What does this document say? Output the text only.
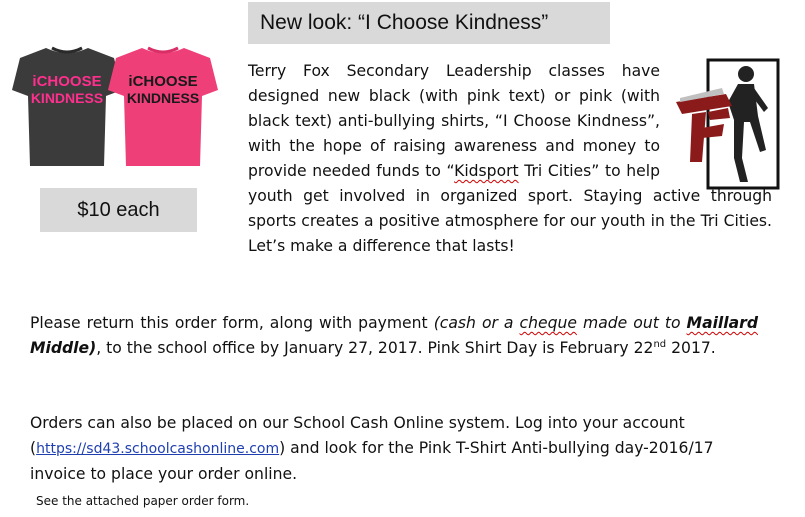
New look: “I Choose Kindness”
iCHOOSE
KINDNESS
iCHOOSE
KINDNESS
$10 each
Terry Fox Secondary Leadership classes have designed new black (with pink text) or pink (with black text) anti-bullying shirts, “I Choose Kindness”, with the hope of raising awareness and money to provide needed funds to “Kidsport Tri Cities” to help youth get involved in organized sport. Staying active through sports creates a positive atmosphere for our youth in the Tri Cities. Let’s make a difference that lasts!
Please return this order form, along with payment (cash or a cheque made out to Maillard Middle), to the school office by January 27, 2017. Pink Shirt Day is February 22nd 2017.
Orders can also be placed on our School Cash Online system. Log into your account (https://sd43.schoolcashonline.com) and look for the Pink T-Shirt Anti-bullying day-2016/17 invoice to place your order online.
See the attached paper order form.
